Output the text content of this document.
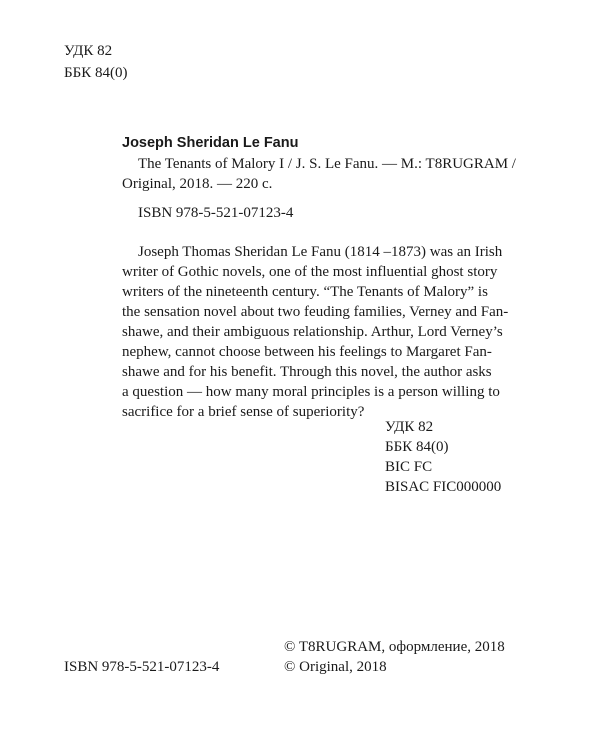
УДК 82
ББК 84(0)
Joseph Sheridan Le Fanu
The Tenants of Malory I / J. S. Le Fanu. — M.: T8RUGRAM /
Original, 2018. — 220 с.
ISBN 978-5-521-07123-4
Joseph Thomas Sheridan Le Fanu (1814 –1873) was an Irish
writer of Gothic novels, one of the most influential ghost story
writers of the nineteenth century. “The Tenants of Malory” is
the sensation novel about two feuding families, Verney and Fan-
shawe, and their ambiguous relationship. Arthur, Lord Verney’s
nephew, cannot choose between his feelings to Margaret Fan-
shawe and for his benefit. Through this novel, the author asks
a question — how many moral principles is a person willing to
sacrifice for a brief sense of superiority?
УДК 82
ББК 84(0)
BIC FC
BISAC FIC000000
ISBN 978-5-521-07123-4
© T8RUGRAM, оформление, 2018
© Original, 2018
